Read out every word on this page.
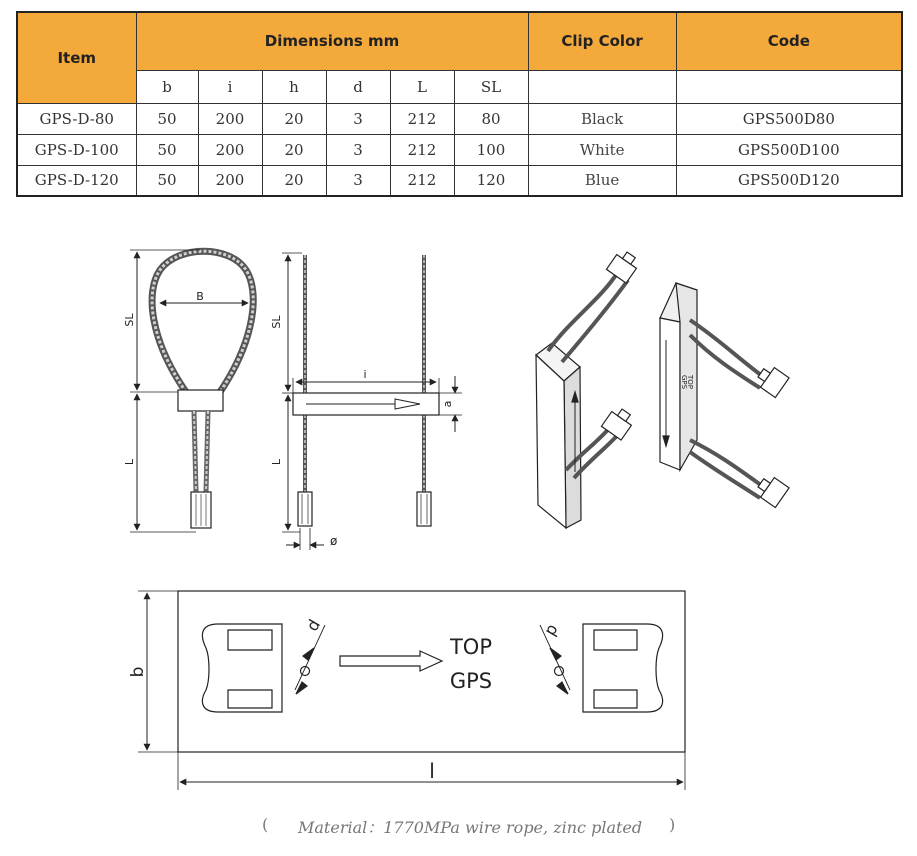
Item	Dimensions mm						Clip Color	Code
	b	i	h	d	L	SL		
GPS-D-80	50	200	20	3	212	80	Black	GPS500D80
GPS-D-100	50	200	20	3	212	100	White	GPS500D100
GPS-D-120	50	200	20	3	212	120	Blue	GPS500D120
B
SL
L
SL
L
i
a
ø
TOP
GPS
b
l
d	d
TOP
GPS
( Material：1770MPa wire rope, zinc plated )
